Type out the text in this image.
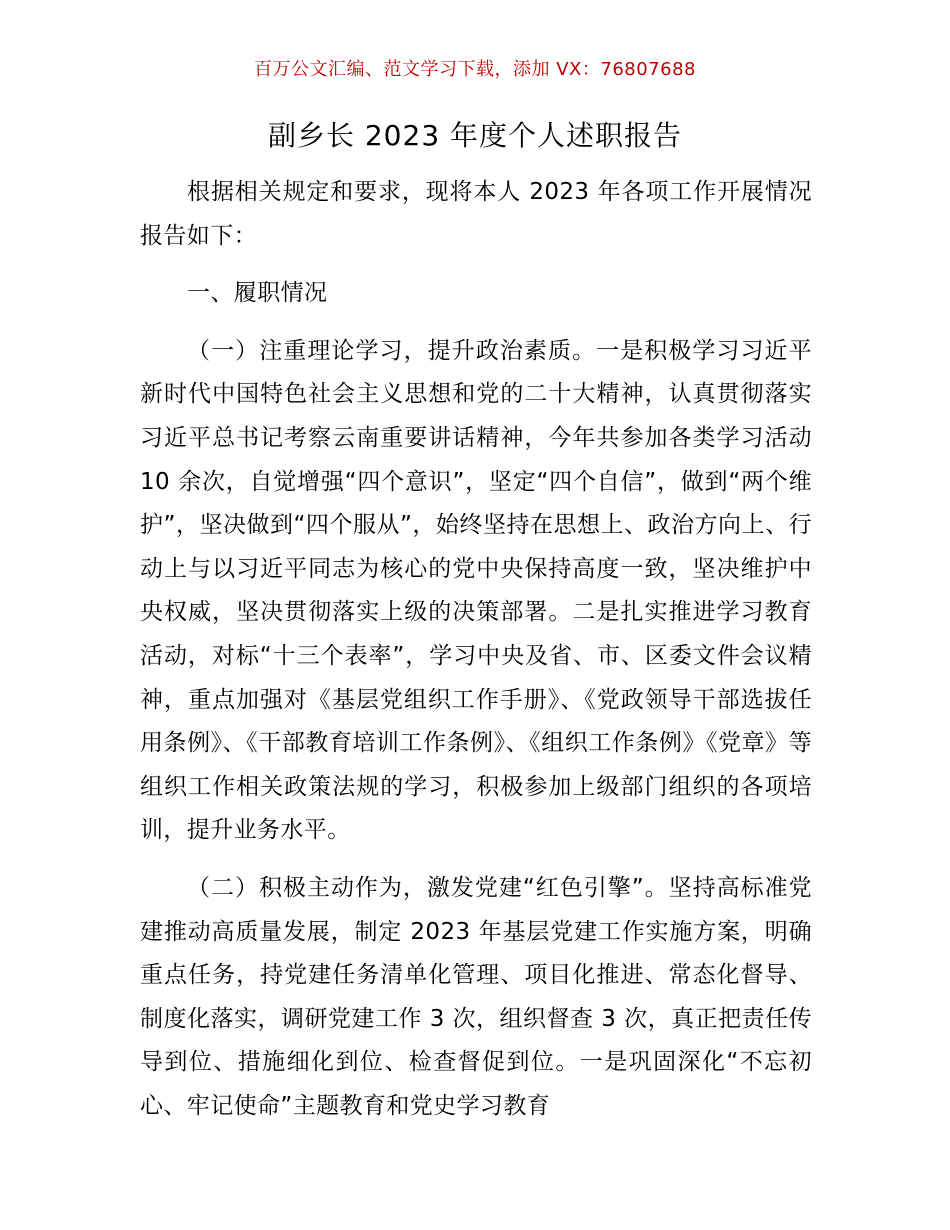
百万公文汇编、范文学习下载，添加 VX：76807688
副乡长 2023 年度个人述职报告

根据相关规定和要求，现将本人 2023 年各项工作开展情况报告如下：

一、履职情况

（一）注重理论学习，提升政治素质。一是积极学习习近平新时代中国特色社会主义思想和党的二十大精神，认真贯彻落实习近平总书记考察云南重要讲话精神，今年共参加各类学习活动 10 余次，自觉增强“四个意识”，坚定“四个自信”，做到“两个维护”，坚决做到“四个服从”，始终坚持在思想上、政治方向上、行动上与以习近平同志为核心的党中央保持高度一致，坚决维护中央权威，坚决贯彻落实上级的决策部署。二是扎实推进学习教育活动，对标“十三个表率”，学习中央及省、市、区委文件会议精神，重点加强对《基层党组织工作手册》、《党政领导干部选拔任用条例》、《干部教育培训工作条例》、《组织工作条例》《党章》等组织工作相关政策法规的学习，积极参加上级部门组织的各项培训，提升业务水平。

（二）积极主动作为，激发党建“红色引擎”。坚持高标准党建推动高质量发展，制定 2023 年基层党建工作实施方案，明确重点任务，持党建任务清单化管理、项目化推进、常态化督导、制度化落实，调研党建工作 3 次，组织督查 3 次，真正把责任传导到位、措施细化到位、检查督促到位。一是巩固深化“不忘初心、牢记使命”主题教育和党史学习教育
